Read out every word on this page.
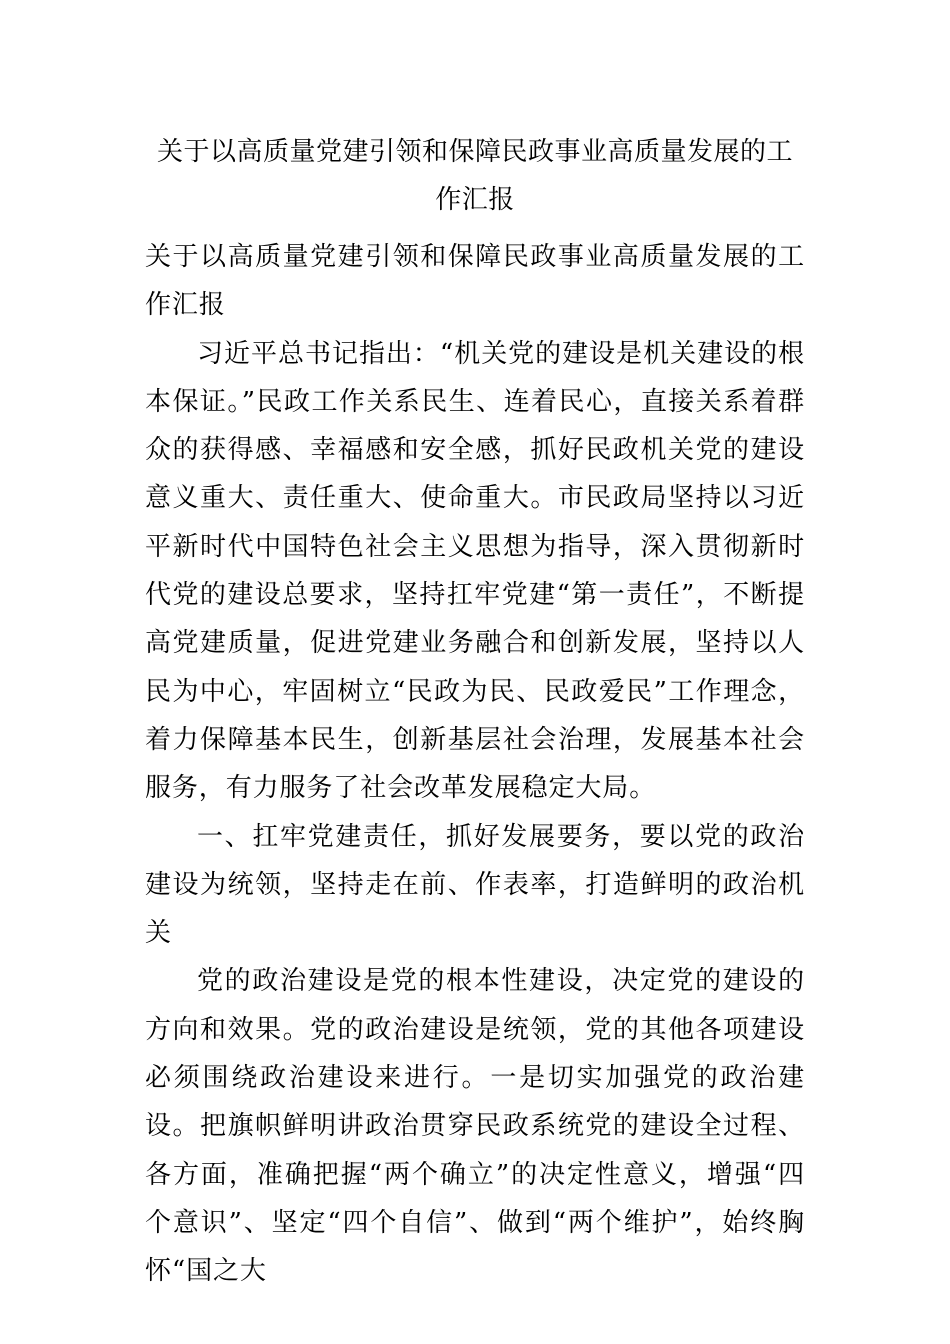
关于以高质量党建引领和保障民政事业高质量发展的工作汇报

关于以高质量党建引领和保障民政事业高质量发展的工作汇报

习近平总书记指出：“机关党的建设是机关建设的根本保证。”民政工作关系民生、连着民心，直接关系着群众的获得感、幸福感和安全感，抓好民政机关党的建设意义重大、责任重大、使命重大。市民政局坚持以习近平新时代中国特色社会主义思想为指导，深入贯彻新时代党的建设总要求，坚持扛牢党建“第一责任”，不断提高党建质量，促进党建业务融合和创新发展，坚持以人民为中心，牢固树立“民政为民、民政爱民”工作理念，着力保障基本民生，创新基层社会治理，发展基本社会服务，有力服务了社会改革发展稳定大局。

一、扛牢党建责任，抓好发展要务，要以党的政治建设为统领，坚持走在前、作表率，打造鲜明的政治机关

党的政治建设是党的根本性建设，决定党的建设的方向和效果。党的政治建设是统领，党的其他各项建设必须围绕政治建设来进行。一是切实加强党的政治建设。把旗帜鲜明讲政治贯穿民政系统党的建设全过程、各方面，准确把握“两个确立”的决定性意义，增强“四个意识”、坚定“四个自信”、做到“两个维护”，始终胸怀“国之大
